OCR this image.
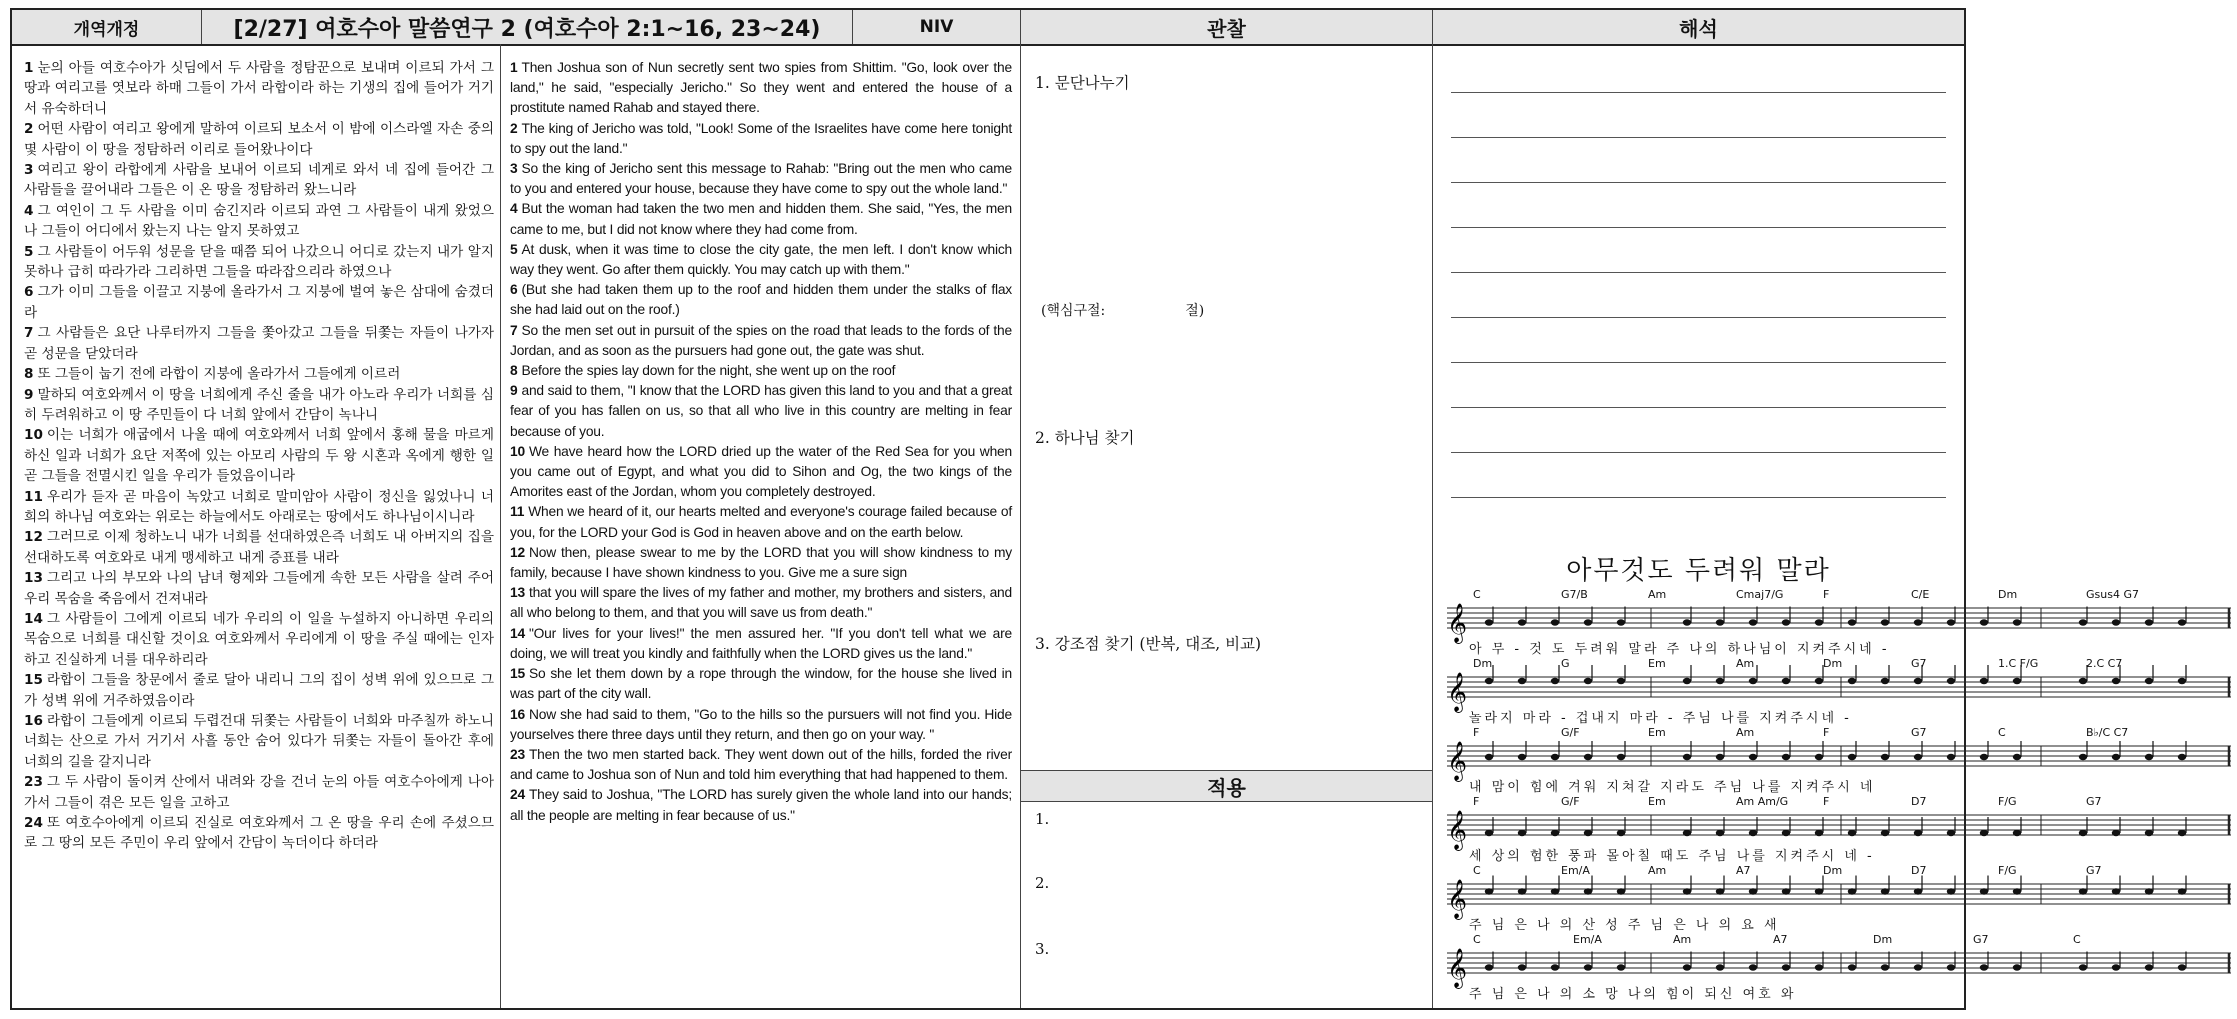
개역개정	[2/27] 여호수아 말씀연구 2 (여호수아 2:1~16, 23~24)	NIV	관찰	해석

1 눈의 아들 여호수아가 싯딤에서 두 사람을 정탐꾼으로 보내며 이르되 가서 그 땅과 여리고를 엿보라 하매 그들이 가서 라합이라 하는 기생의 집에 들어가 거기서 유숙하더니

2 어떤 사람이 여리고 왕에게 말하여 이르되 보소서 이 밤에 이스라엘 자손 중의 몇 사람이 이 땅을 정탐하러 이리로 들어왔나이다

3 여리고 왕이 라합에게 사람을 보내어 이르되 네게로 와서 네 집에 들어간 그 사람들을 끌어내라 그들은 이 온 땅을 정탐하러 왔느니라

4 그 여인이 그 두 사람을 이미 숨긴지라 이르되 과연 그 사람들이 내게 왔었으나 그들이 어디에서 왔는지 나는 알지 못하였고

5 그 사람들이 어두워 성문을 닫을 때쯤 되어 나갔으니 어디로 갔는지 내가 알지 못하나 급히 따라가라 그리하면 그들을 따라잡으리라 하였으나

6 그가 이미 그들을 이끌고 지붕에 올라가서 그 지붕에 벌여 놓은 삼대에 숨겼더라

7 그 사람들은 요단 나루터까지 그들을 쫓아갔고 그들을 뒤쫓는 자들이 나가자 곧 성문을 닫았더라

8 또 그들이 눕기 전에 라합이 지붕에 올라가서 그들에게 이르러

9 말하되 여호와께서 이 땅을 너희에게 주신 줄을 내가 아노라 우리가 너희를 심히 두려워하고 이 땅 주민들이 다 너희 앞에서 간담이 녹나니

10 이는 너희가 애굽에서 나올 때에 여호와께서 너희 앞에서 홍해 물을 마르게 하신 일과 너희가 요단 저쪽에 있는 아모리 사람의 두 왕 시혼과 옥에게 행한 일 곧 그들을 전멸시킨 일을 우리가 들었음이니라

11 우리가 듣자 곧 마음이 녹았고 너희로 말미암아 사람이 정신을 잃었나니 너희의 하나님 여호와는 위로는 하늘에서도 아래로는 땅에서도 하나님이시니라

12 그러므로 이제 청하노니 내가 너희를 선대하였은즉 너희도 내 아버지의 집을 선대하도록 여호와로 내게 맹세하고 내게 증표를 내라

13 그리고 나의 부모와 나의 남녀 형제와 그들에게 속한 모든 사람을 살려 주어 우리 목숨을 죽음에서 건져내라

14 그 사람들이 그에게 이르되 네가 우리의 이 일을 누설하지 아니하면 우리의 목숨으로 너희를 대신할 것이요 여호와께서 우리에게 이 땅을 주실 때에는 인자하고 진실하게 너를 대우하리라

15 라합이 그들을 창문에서 줄로 달아 내리니 그의 집이 성벽 위에 있으므로 그가 성벽 위에 거주하였음이라

16 라합이 그들에게 이르되 두렵건대 뒤쫓는 사람들이 너희와 마주칠까 하노니 너희는 산으로 가서 거기서 사흘 동안 숨어 있다가 뒤쫓는 자들이 돌아간 후에 너희의 길을 갈지니라

23 그 두 사람이 돌이켜 산에서 내려와 강을 건너 눈의 아들 여호수아에게 나아가서 그들이 겪은 모든 일을 고하고

24 또 여호수아에게 이르되 진실로 여호와께서 그 온 땅을 우리 손에 주셨으므로 그 땅의 모든 주민이 우리 앞에서 간담이 녹더이다 하더라

1 Then Joshua son of Nun secretly sent two spies from Shittim. "Go, look over the land," he said, "especially Jericho." So they went and entered the house of a prostitute named Rahab and stayed there.

2 The king of Jericho was told, "Look! Some of the Israelites have come here tonight to spy out the land."

3 So the king of Jericho sent this message to Rahab: "Bring out the men who came to you and entered your house, because they have come to spy out the whole land."

4 But the woman had taken the two men and hidden them. She said, "Yes, the men came to me, but I did not know where they had come from.

5 At dusk, when it was time to close the city gate, the men left. I don't know which way they went. Go after them quickly. You may catch up with them."

6 (But she had taken them up to the roof and hidden them under the stalks of flax she had laid out on the roof.)

7 So the men set out in pursuit of the spies on the road that leads to the fords of the Jordan, and as soon as the pursuers had gone out, the gate was shut.

8 Before the spies lay down for the night, she went up on the roof

9 and said to them, "I know that the LORD has given this land to you and that a great fear of you has fallen on us, so that all who live in this country are melting in fear because of you.

10 We have heard how the LORD dried up the water of the Red Sea for you when you came out of Egypt, and what you did to Sihon and Og, the two kings of the Amorites east of the Jordan, whom you completely destroyed.

11 When we heard of it, our hearts melted and everyone's courage failed because of you, for the LORD your God is God in heaven above and on the earth below.

12 Now then, please swear to me by the LORD that you will show kindness to my family, because I have shown kindness to you. Give me a sure sign

13 that you will spare the lives of my father and mother, my brothers and sisters, and all who belong to them, and that you will save us from death."

14 "Our lives for your lives!" the men assured her. "If you don't tell what we are doing, we will treat you kindly and faithfully when the LORD gives us the land."

15 So she let them down by a rope through the window, for the house she lived in was part of the city wall.

16 Now she had said to them, "Go to the hills so the pursuers will not find you. Hide yourselves there three days until they return, and then go on your way. "

23 Then the two men started back. They went down out of the hills, forded the river and came to Joshua son of Nun and told him everything that had happened to them.

24 They said to Joshua, "The LORD has surely given the whole land into our hands; all the people are melting in fear because of us."

1. 문단나누기
(핵심구절:	절)
2. 하나님 찾기
3. 강조점 찾기 (반복, 대조, 비교)
적용
1.
2.
3.
아무것도 두려워 말라
𝄞
C	G7/B	Am	Cmaj7/G	F	C/E	Dm	Gsus4 G7
아 무 - 것 도 두려워 말라 주 나의 하나님이 지켜주시네 -
𝄞
Dm	G	Em	Am	Dm	G7	1.C F/G	2.C C7
놀라지 마라 - 겁내지 마라 - 주님 나를 지켜주시네 -
𝄞
F	G/F	Em	Am	F	G7	C	B♭/C C7
내 맘이 힘에 겨워 지쳐갈 지라도 주님 나를 지켜주시 네
𝄞
F	G/F	Em	Am Am/G	F	D7	F/G	G7
세 상의 험한 풍파 몰아칠 때도 주님 나를 지켜주시 네 -
𝄞
C	Em/A	Am	A7	Dm	D7	F/G	G7
주 님 은 나 의 산 성 주 님 은 나 의 요 새
𝄞
C	Em/A	Am	A7	Dm	G7	C
주 님 은 나 의 소 망 나의 힘이 되신 여호 와
